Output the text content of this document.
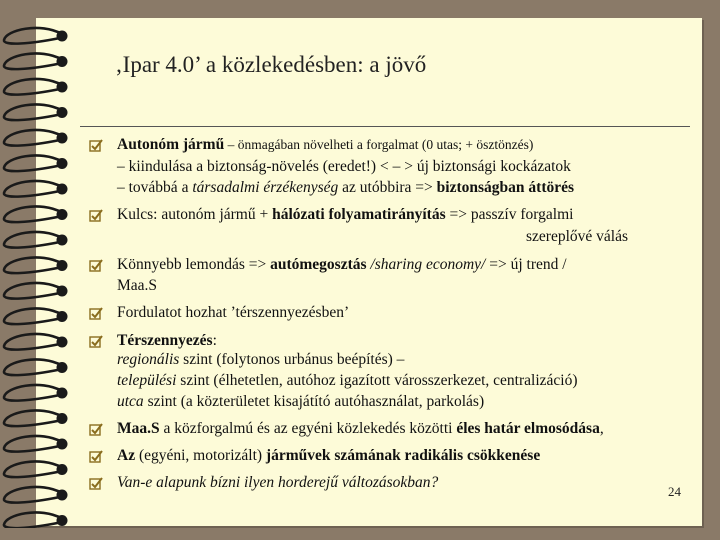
‚Ipar 4.0’ a közlekedésben: a jövő
Autonóm jármű – önmagában növelheti a forgalmat (0 utas; + ösztönzés)
– kiindulása a biztonság-növelés (eredet!) < – > új biztonsági kockázatok
– továbbá a társadalmi érzékenység az utóbbira => biztonságban áttörés
Kulcs: autonóm jármű + hálózati folyamatirányítás => passzív forgalmi
szereplővé válás
Könnyebb lemondás => autómegosztás /sharing economy/ => új trend /
Maa.S
Fordulatot hozhat ’térszennyezésben’
Térszennyezés:
regionális szint (folytonos urbánus beépítés) –
települési szint (élhetetlen, autóhoz igazított városszerkezet, centralizáció)
utca szint (a közterületet kisajátító autóhasználat, parkolás)
Maa.S a közforgalmú és az egyéni közlekedés közötti éles határ elmosódása,
Az (egyéni, motorizált) járművek számának radikális csökkenése
Van-e alapunk bízni ilyen horderejű változásokban?
24
